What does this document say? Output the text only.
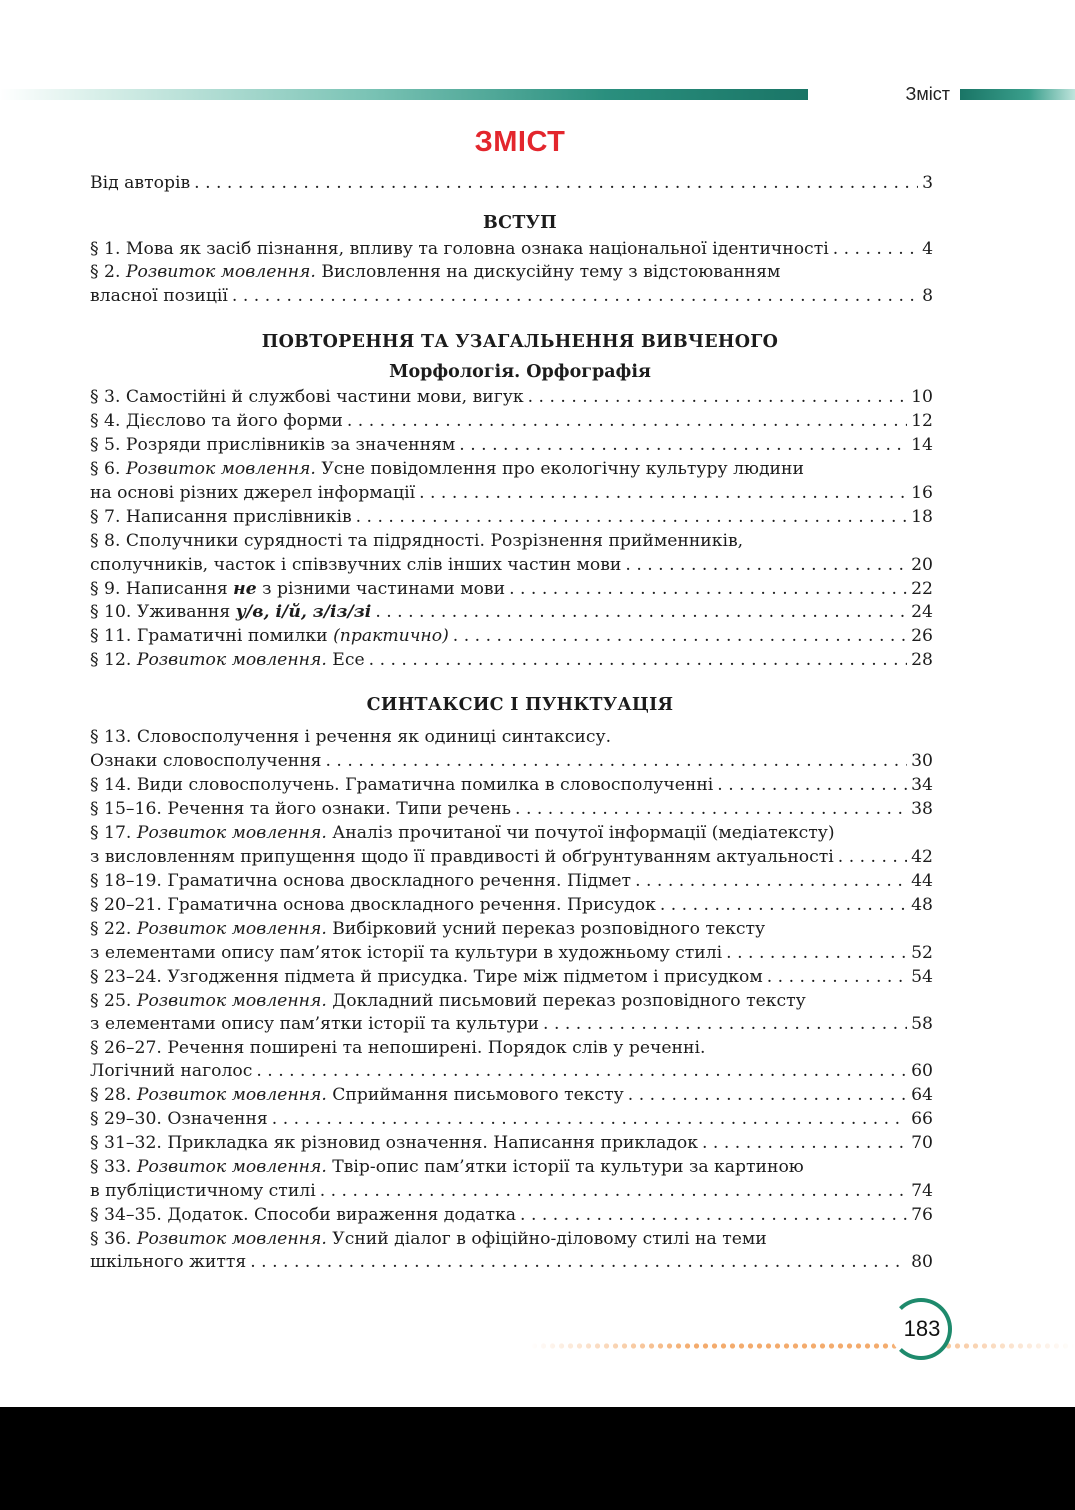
Зміст
ЗМІСТ
Від авторів . . .	3
ВСТУП
§ 1. Мова як засіб пізнання, впливу та головна ознака національної ідентичності . . .	4
§ 2. Розвиток мовлення. Висловлення на дискусійну тему з відстоюванням
власної позиції . . .	8
ПОВТОРЕННЯ ТА УЗАГАЛЬНЕННЯ ВИВЧЕНОГО
Морфологія. Орфографія
§ 3. Самостійні й службові частини мови, вигук . . .	10
§ 4. Дієслово та його форми . . .	12
§ 5. Розряди прислівників за значенням . . .	14
§ 6. Розвиток мовлення. Усне повідомлення про екологічну культуру людини
на основі різних джерел інформації . . .	16
§ 7. Написання прислівників . . .	18
§ 8. Сполучники сурядності та підрядності. Розрізнення прийменників,
сполучників, часток і співзвучних слів інших частин мови . . .	20
§ 9. Написання не з різними частинами мови . . .	22
§ 10. Уживання у/в, і/й, з/із/зі . . .	24
§ 11. Граматичні помилки (практично) . . .	26
§ 12. Розвиток мовлення. Есе . . .	28
СИНТАКСИС І ПУНКТУАЦІЯ
§ 13. Словосполучення і речення як одиниці синтаксису.
Ознаки словосполучення . . .	30
§ 14. Види словосполучень. Граматична помилка в словосполученні . . .	34
§ 15–16. Речення та його ознаки. Типи речень . . .	38
§ 17. Розвиток мовлення. Аналіз прочитаної чи почутої інформації (медіатексту)
з висловленням припущення щодо її правдивості й обґрунтуванням актуальності . . .	42
§ 18–19. Граматична основа двоскладного речення. Підмет . . .	44
§ 20–21. Граматична основа двоскладного речення. Присудок . . .	48
§ 22. Розвиток мовлення. Вибірковий усний переказ розповідного тексту
з елементами опису пам’яток історії та культури в художньому стилі . . .	52
§ 23–24. Узгодження підмета й присудка. Тире між підметом і присудком . . .	54
§ 25. Розвиток мовлення. Докладний письмовий переказ розповідного тексту
з елементами опису пам’ятки історії та культури . . .	58
§ 26–27. Речення поширені та непоширені. Порядок слів у реченні.
Логічний наголос . . .	60
§ 28. Розвиток мовлення. Сприймання письмового тексту . . .	64
§ 29–30. Означення . . .	66
§ 31–32. Прикладка як різновид означення. Написання прикладок . . .	70
§ 33. Розвиток мовлення. Твір-опис пам’ятки історії та культури за картиною
в публіцистичному стилі . . .	74
§ 34–35. Додаток. Способи вираження додатка . . .	76
§ 36. Розвиток мовлення. Усний діалог в офіційно-діловому стилі на теми
шкільного життя . . .	80
183
